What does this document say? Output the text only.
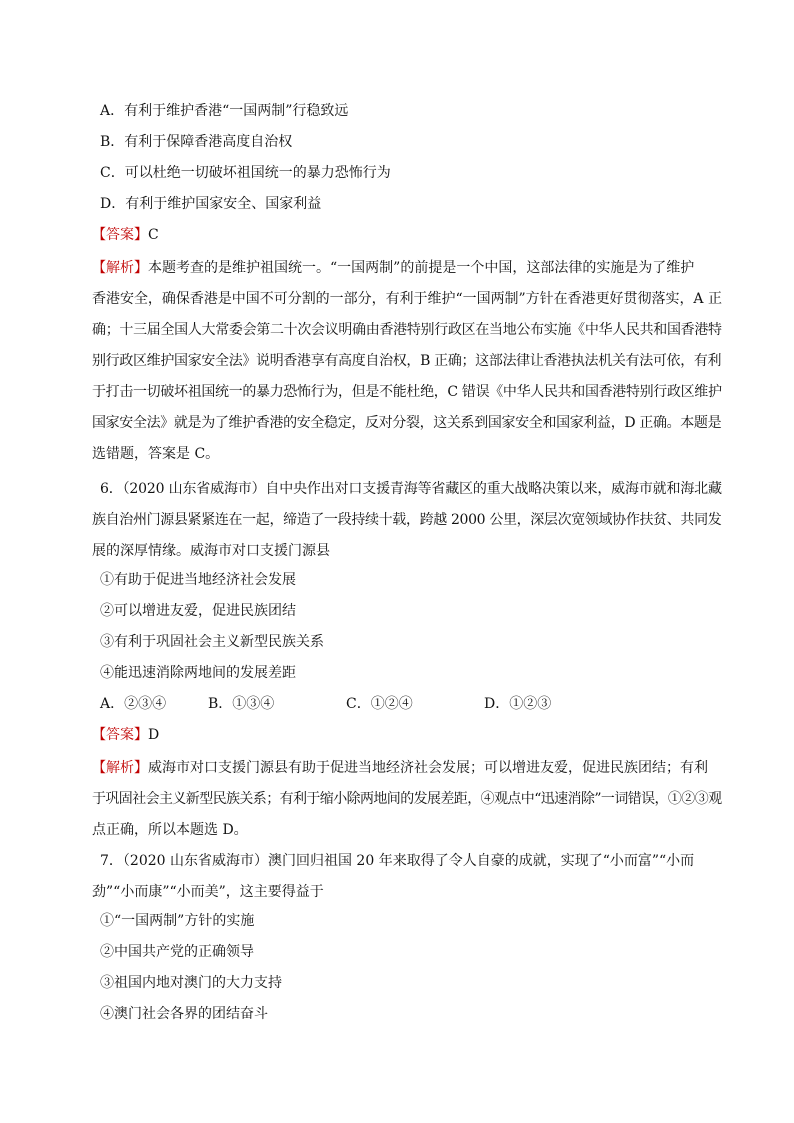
A．有利于维护香港“一国两制”行稳致远
B．有利于保障香港高度自治权
C．可以杜绝一切破坏祖国统一的暴力恐怖行为
D．有利于维护国家安全、国家利益
【答案】C
【解析】本题考查的是维护祖国统一。“一国两制”的前提是一个中国，这部法律的实施是为了维护
香港安全，确保香港是中国不可分割的一部分，有利于维护“一国两制”方针在香港更好贯彻落实，A 正
确；十三届全国人大常委会第二十次会议明确由香港特别行政区在当地公布实施《中华人民共和国香港特
别行政区维护国家安全法》说明香港享有高度自治权，B 正确；这部法律让香港执法机关有法可依，有利
于打击一切破坏祖国统一的暴力恐怖行为，但是不能杜绝，C 错误《中华人民共和国香港特别行政区维护
国家安全法》就是为了维护香港的安全稳定，反对分裂，这关系到国家安全和国家利益，D 正确。本题是
选错题，答案是 C。
6．（2020 山东省威海市）自中央作出对口支援青海等省藏区的重大战略决策以来，威海市就和海北藏
族自治州门源县紧紧连在一起，缔造了一段持续十载，跨越 2000 公里，深层次宽领域协作扶贫、共同发
展的深厚情缘。威海市对口支援门源县
①有助于促进当地经济社会发展
②可以增进友爱，促进民族团结
③有利于巩固社会主义新型民族关系
④能迅速消除两地间的发展差距
A．②③④	B．①③④	C．①②④	D．①②③
【答案】D
【解析】威海市对口支援门源县有助于促进当地经济社会发展；可以增进友爱，促进民族团结；有利
于巩固社会主义新型民族关系；有利于缩小除两地间的发展差距，④观点中“迅速消除”一词错误，①②③观
点正确，所以本题选 D。
7．（2020 山东省威海市）澳门回归祖国 20 年来取得了令人自豪的成就，实现了“小而富”“小而
劲”“小而康”“小而美”，这主要得益于
①“一国两制”方针的实施
②中国共产党的正确领导
③祖国内地对澳门的大力支持
④澳门社会各界的团结奋斗
